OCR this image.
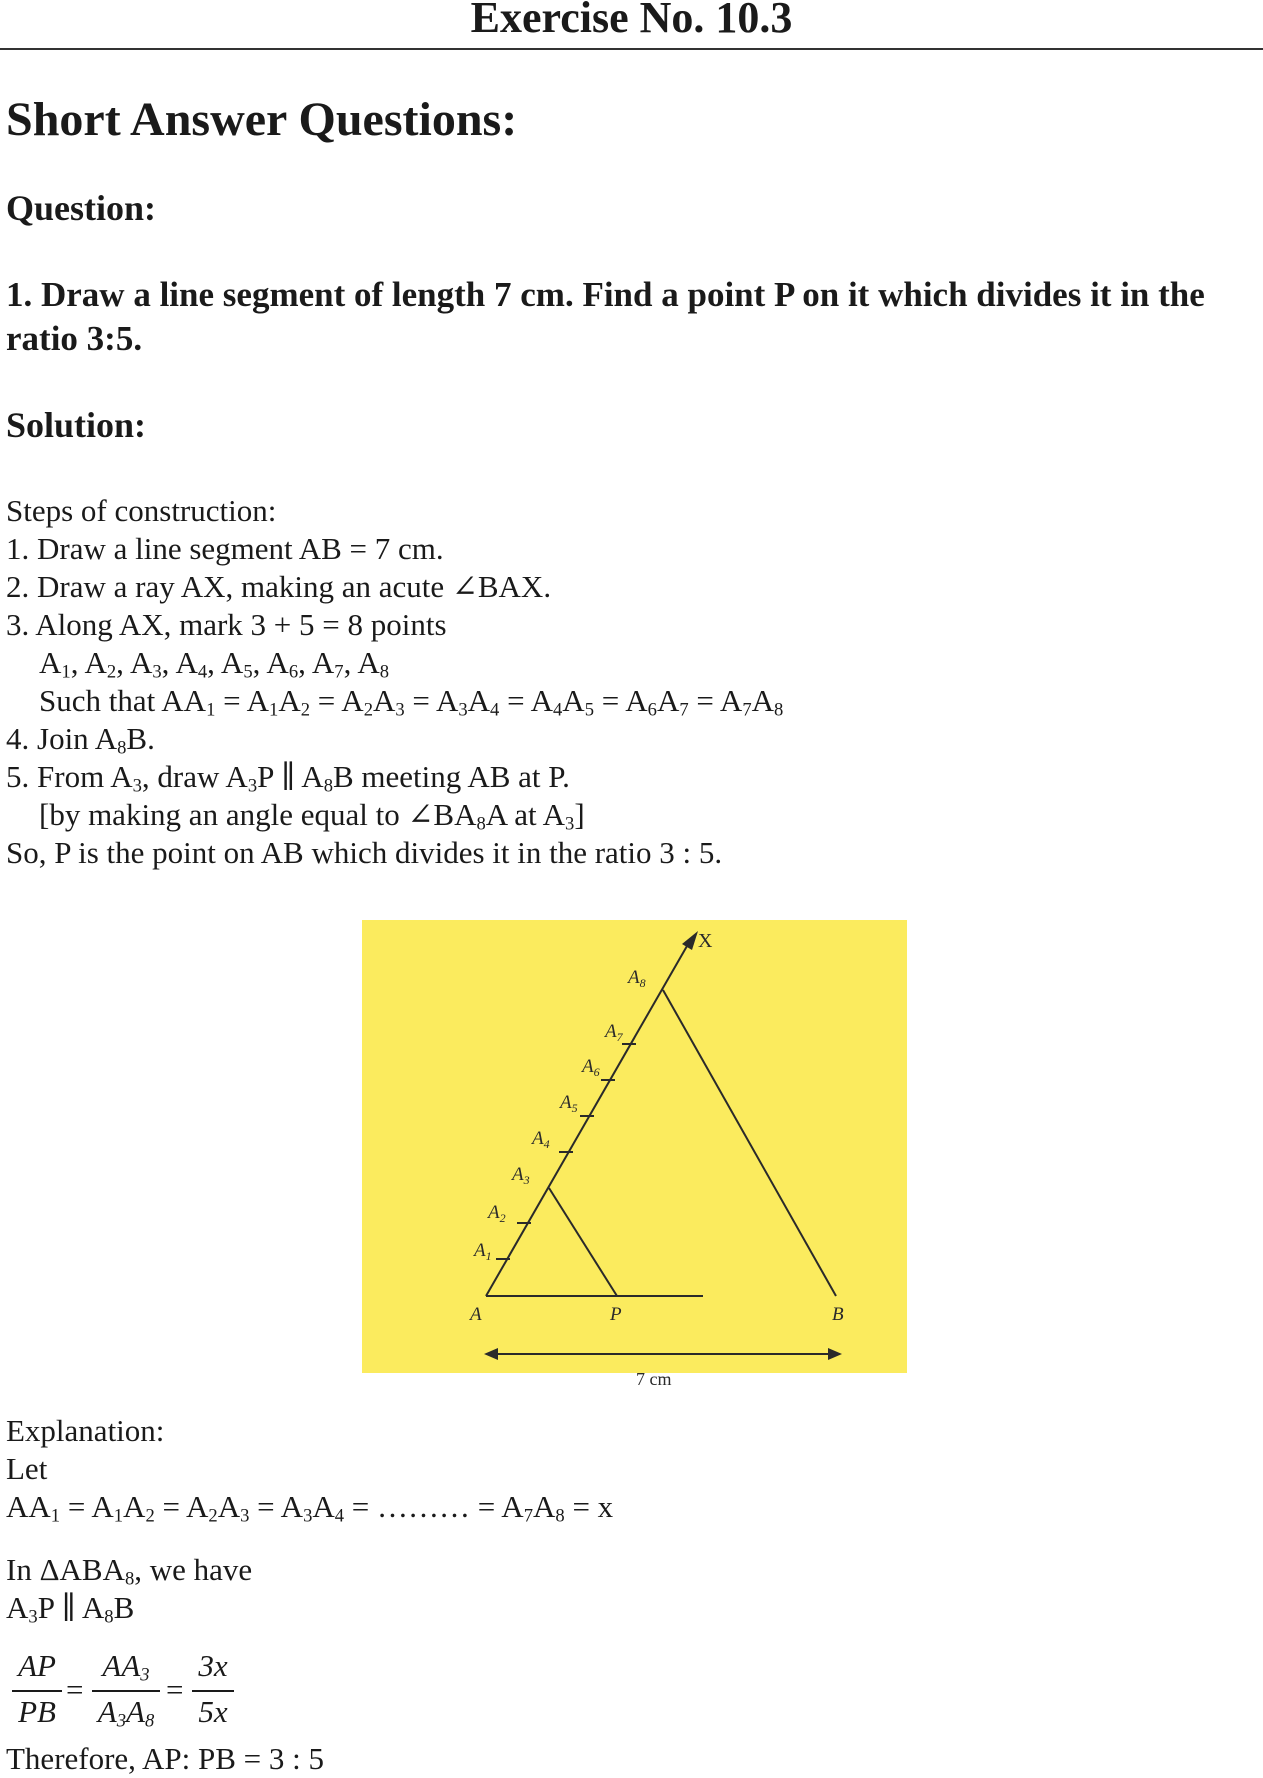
Exercise No. 10.3
Short Answer Questions:
Question:
1. Draw a line segment of length 7 cm. Find a point P on it which divides it in the ratio 3:5.
Solution:
Steps of construction:
1. Draw a line segment AB = 7 cm.
2. Draw a ray AX, making an acute ∠BAX.
3. Along AX, mark 3 + 5 = 8 points
$A_1$, $A_2$, $A_3$, $A_4$, $A_5$, $A_6$, $A_7$, $A_8$
Such that $AA_1 = A_1A_2 = A_2A_3 = A_3A_4 = A_4A_5 = A_6A_7 = A_7A_8$
4. Join $A_8B$.
5. From $A_3$, draw $A_3P$ ∥ $A_8B$ meeting AB at P.
[by making an angle equal to $\angle BA_8A$ at $A_3$]
So, P is the point on AB which divides it in the ratio 3 : 5.
X
A	P	B
7 cm
$A_1$
$A_2$
$A_3$
$A_4$
$A_5$
$A_6$
$A_7$
$A_8$
Explanation:
Let
$AA_1 = A_1A_2 = A_2A_3 = A_3A_4$ = ……… = $A_7A_8 = x$
In $\Delta ABA_8$, we have
$A_3P$ ∥ $A_8B$
AP
PB
=
$AA_3$
$A_3A_8$
=
3x
5x
Therefore, AP: PB = 3 : 5
